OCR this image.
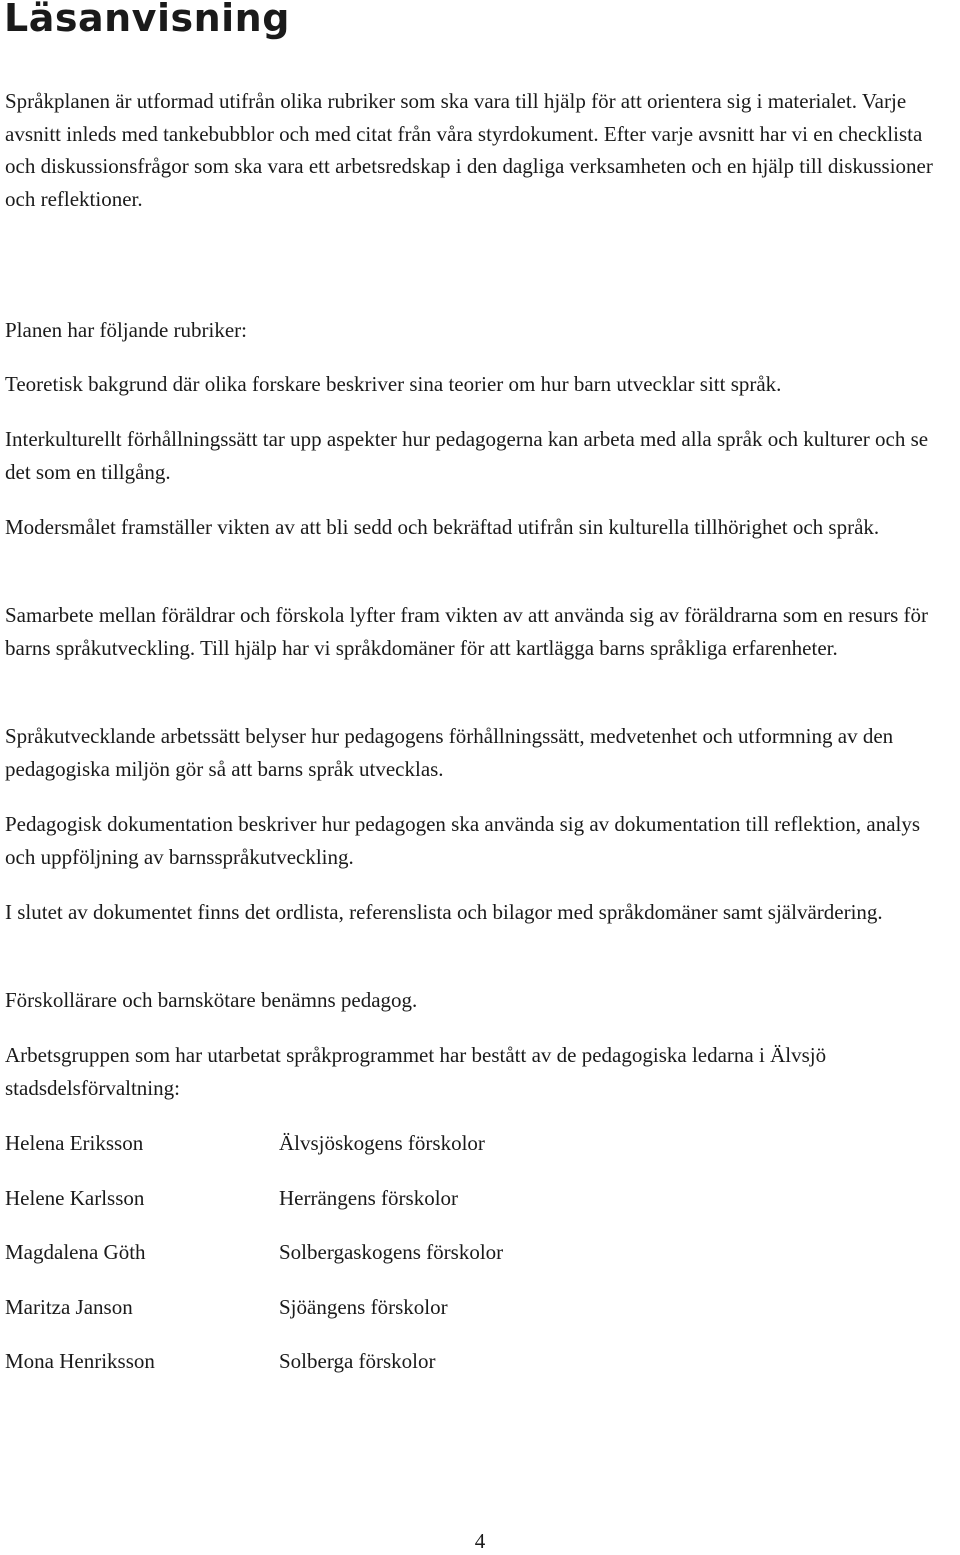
Läsanvisning

Språkplanen är utformad utifrån olika rubriker som ska vara till hjälp för att orientera sig i materialet. Varje avsnitt inleds med tankebubblor och med citat från våra styrdokument. Efter varje avsnitt har vi en checklista och diskussionsfrågor som ska vara ett arbetsredskap i den dagliga verksamheten och en hjälp till diskussioner och reflektioner.

Planen har följande rubriker:

Teoretisk bakgrund där olika forskare beskriver sina teorier om hur barn utvecklar sitt språk.

Interkulturellt förhållningssätt tar upp aspekter hur pedagogerna kan arbeta med alla språk och kulturer och se det som en tillgång.

Modersmålet framställer vikten av att bli sedd och bekräftad utifrån sin kulturella tillhörighet och språk.

Samarbete mellan föräldrar och förskola lyfter fram vikten av att använda sig av föräldrarna som en resurs för barns språkutveckling. Till hjälp har vi språkdomäner för att kartlägga barns språkliga erfarenheter.

Språkutvecklande arbetssätt belyser hur pedagogens förhållningssätt, medvetenhet och utformning av den pedagogiska miljön gör så att barns språk utvecklas.

Pedagogisk dokumentation beskriver hur pedagogen ska använda sig av dokumentation till reflektion, analys och uppföljning av barnsspråkutveckling.

I slutet av dokumentet finns det ordlista, referenslista och bilagor med språkdomäner samt självärdering.

Förskollärare och barnskötare benämns pedagog.

Arbetsgruppen som har utarbetat språkprogrammet har bestått av de pedagogiska ledarna i Älvsjö stadsdelsförvaltning:

Helena Eriksson	Älvsjöskogens förskolor
Helene Karlsson	Herrängens förskolor
Magdalena Göth	Solbergaskogens förskolor
Maritza Janson	Sjöängens förskolor
Mona Henriksson	Solberga förskolor
4
